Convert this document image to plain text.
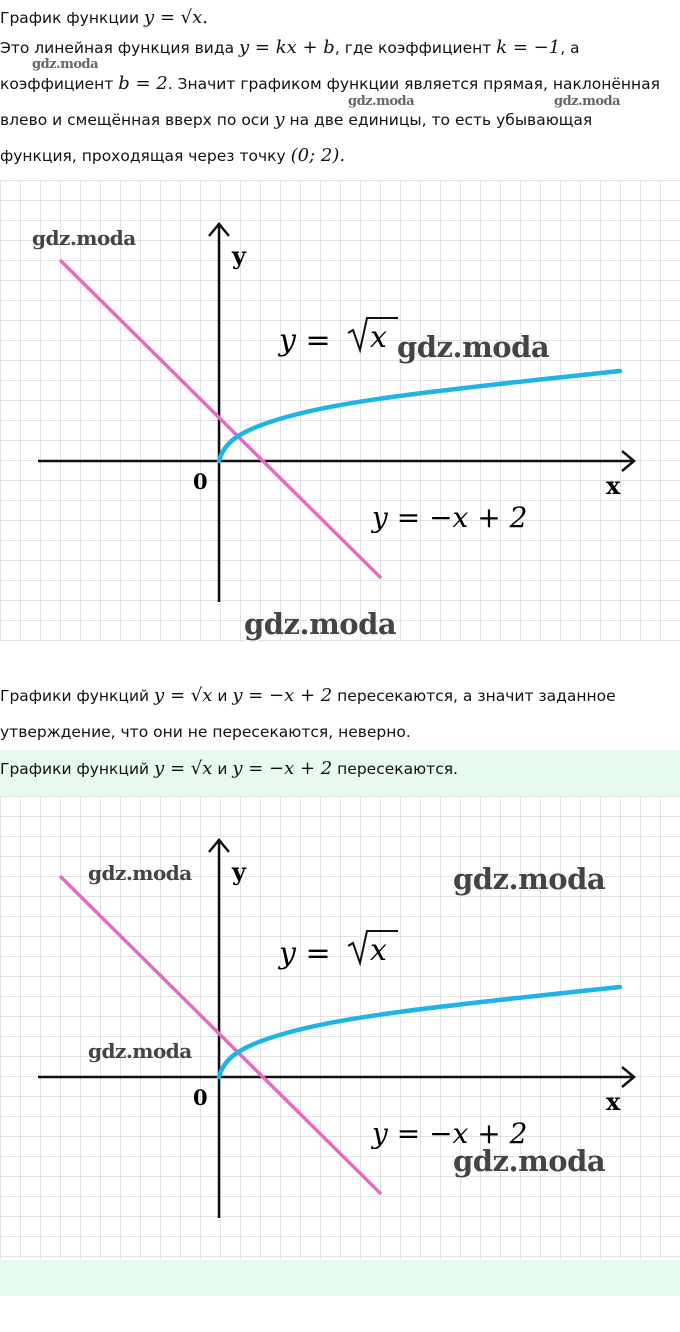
График функции y = √x.
Это линейная функция вида y = kx + b, где коэффициент k = −1, а
коэффициент b = 2. Значит графиком функции является прямая, наклонённая
влево и смещённая вверх по оси y на две единицы, то есть убывающая
функция, проходящая через точку (0; 2).
gdz.moda
gdz.moda	gdz.moda
y
x
0
y = x
y = −x + 2
gdz.moda
gdz.moda
gdz.moda
Графики функций y = √x и y = −x + 2 пересекаются, а значит заданное
утверждение, что они не пересекаются, неверно.
Графики функций y = √x и y = −x + 2 пересекаются.
y
x
0
y = x
y = −x + 2
gdz.moda	gdz.moda
gdz.moda
gdz.moda
